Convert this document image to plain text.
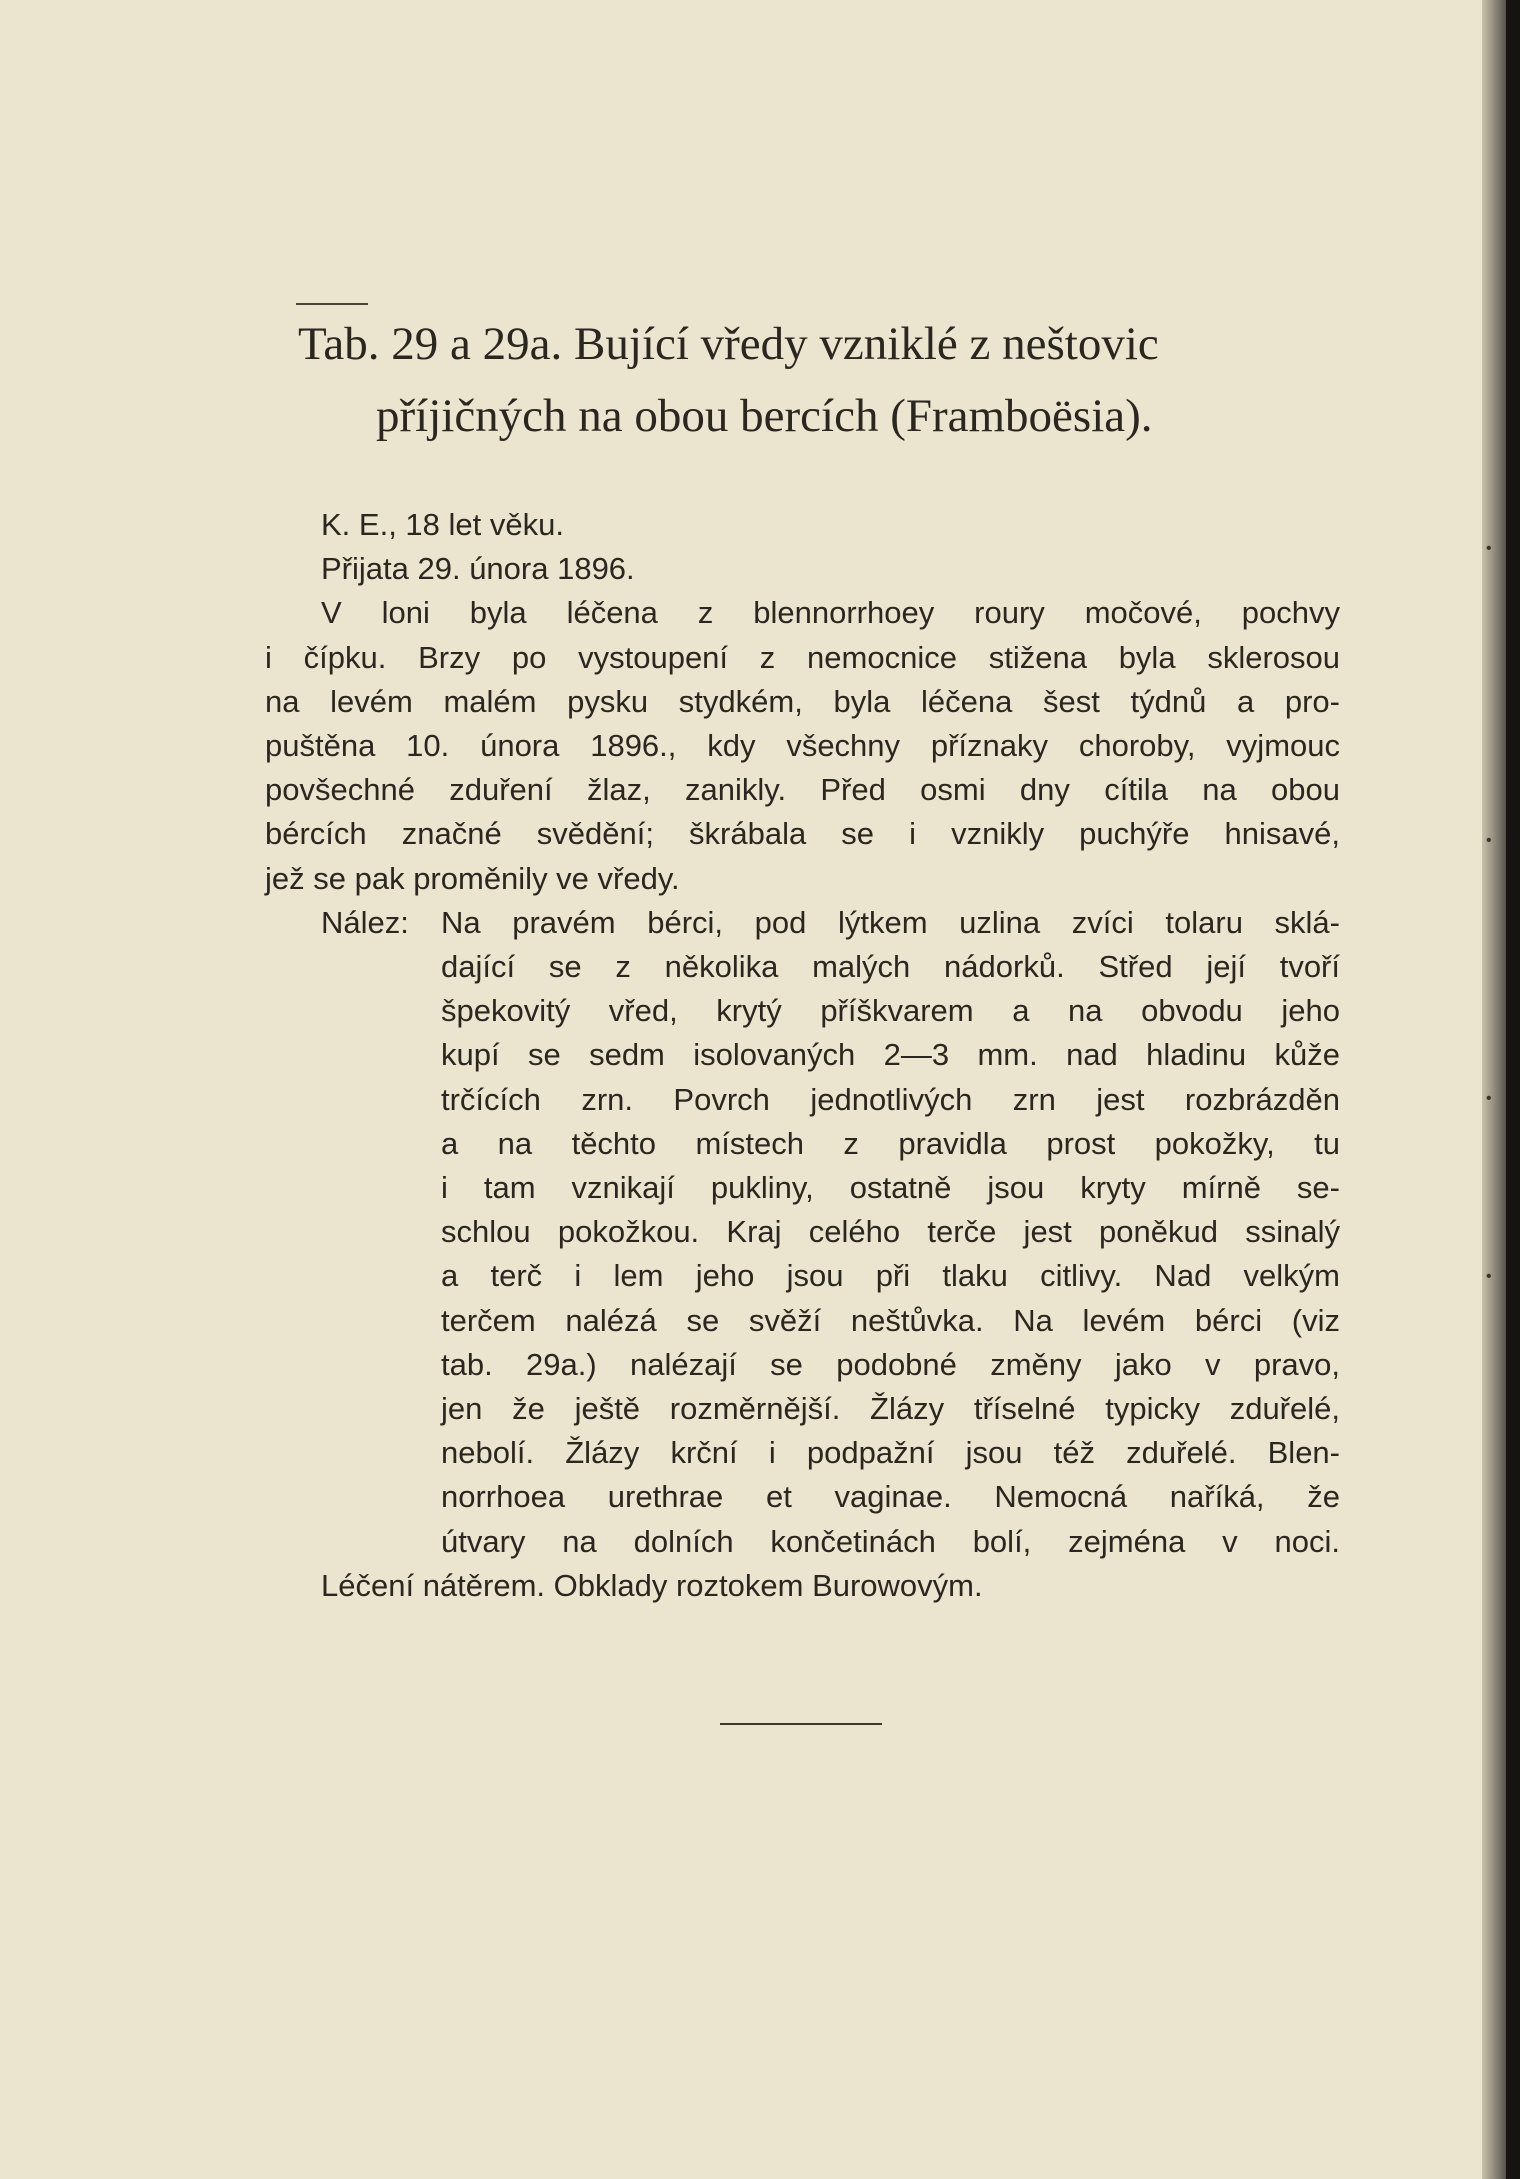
Tab. 29 a 29a. Bující vředy vzniklé z neštovic

příjičných na obou bercích (Framboësia).
K. E., 18 let věku.
Přijata 29. února 1896.
V loni byla léčena z blennorrhoey roury močové, pochvy
i čípku. Brzy po vystoupení z nemocnice stižena byla sklerosou
na levém malém pysku stydkém, byla léčena šest týdnů a pro-
puštěna 10. února 1896., kdy všechny příznaky choroby, vyjmouc
povšechné zduření žlaz, zanikly. Před osmi dny cítila na obou
bércích značné svědění; škrábala se i vznikly puchýře hnisavé,
jež se pak proměnily ve vředy.
Nález: Na pravém bérci, pod lýtkem uzlina zvíci tolaru sklá-
dající se z několika malých nádorků. Střed její tvoří
špekovitý vřed, krytý příškvarem a na obvodu jeho
kupí se sedm isolovaných 2—3 mm. nad hladinu kůže
trčících zrn. Povrch jednotlivých zrn jest rozbrázděn
a na těchto místech z pravidla prost pokožky, tu
i tam vznikají pukliny, ostatně jsou kryty mírně se-
schlou pokožkou. Kraj celého terče jest poněkud ssinalý
a terč i lem jeho jsou při tlaku citlivy. Nad velkým
terčem nalézá se svěží neštůvka. Na levém bérci (viz
tab. 29a.) nalézají se podobné změny jako v pravo,
jen že ještě rozměrnější. Žlázy tříselné typicky zduřelé,
nebolí. Žlázy krční i podpažní jsou též zduřelé. Blen-
norrhoea urethrae et vaginae. Nemocná naříká, že
útvary na dolních končetinách bolí, zejména v noci.
Léčení nátěrem. Obklady roztokem Burowovým.
•
•
•
•
